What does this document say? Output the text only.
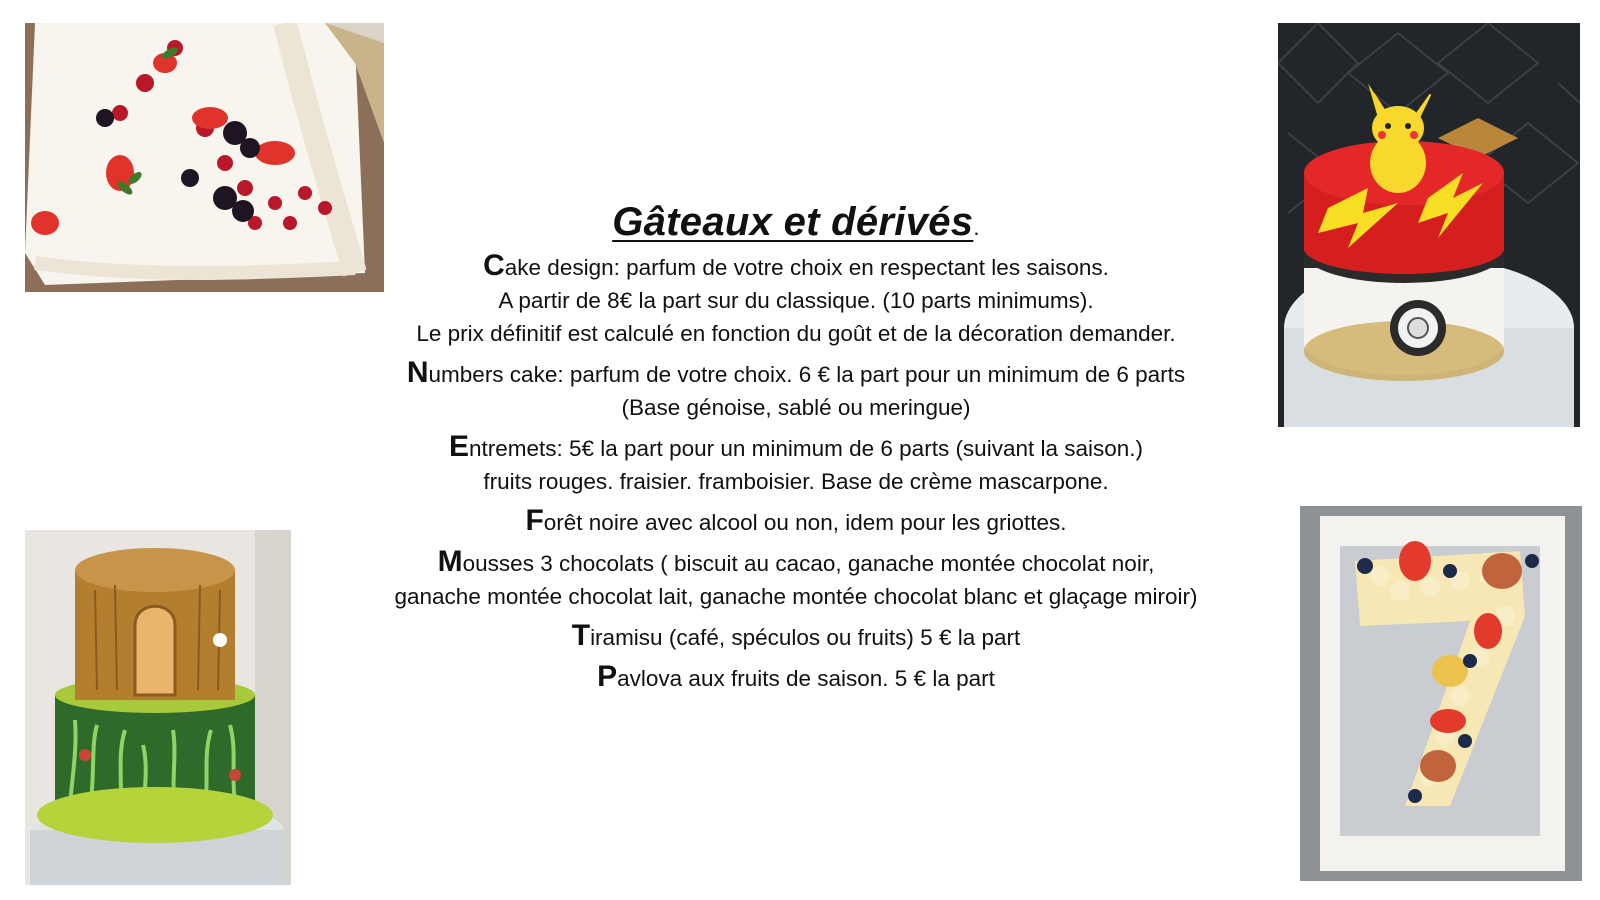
Gâteaux et dérivés.
Cake design: parfum de votre choix en respectant les saisons.
A partir de 8€ la part sur du classique. (10 parts minimums).
Le prix définitif est calculé en fonction du goût et de la décoration demander.
Numbers cake: parfum de votre choix. 6 € la part pour un minimum de 6 parts
(Base génoise, sablé ou meringue)
Entremets: 5€ la part pour un minimum de 6 parts (suivant la saison.)
fruits rouges. fraisier. framboisier. Base de crème mascarpone.
Forêt noire avec alcool ou non, idem pour les griottes.
Mousses 3 chocolats ( biscuit au cacao, ganache montée chocolat noir,
ganache montée chocolat lait, ganache montée chocolat blanc et glaçage miroir)
Tiramisu (café, spéculos ou fruits) 5 € la part
Pavlova aux fruits de saison. 5 € la part
